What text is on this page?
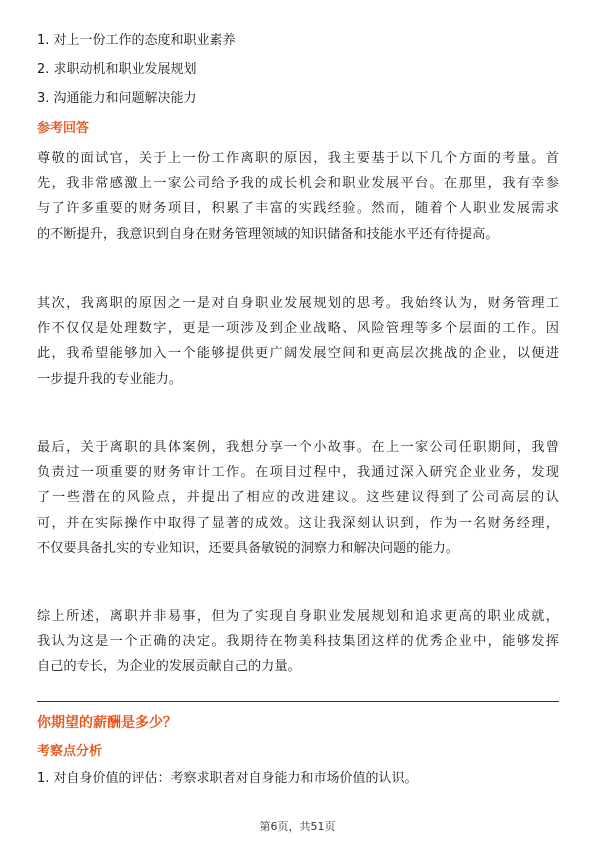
1. 对上一份工作的态度和职业素养
2. 求职动机和职业发展规划
3. 沟通能力和问题解决能力
参考回答
尊敬的面试官，关于上一份工作离职的原因，我主要基于以下几个方面的考量。首
先，我非常感激上一家公司给予我的成长机会和职业发展平台。在那里，我有幸参
与了许多重要的财务项目，积累了丰富的实践经验。然而，随着个人职业发展需求
的不断提升，我意识到自身在财务管理领域的知识储备和技能水平还有待提高。
其次，我离职的原因之一是对自身职业发展规划的思考。我始终认为，财务管理工
作不仅仅是处理数字，更是一项涉及到企业战略、风险管理等多个层面的工作。因
此，我希望能够加入一个能够提供更广阔发展空间和更高层次挑战的企业，以便进
一步提升我的专业能力。
最后，关于离职的具体案例，我想分享一个小故事。在上一家公司任职期间，我曾
负责过一项重要的财务审计工作。在项目过程中，我通过深入研究企业业务，发现
了一些潜在的风险点，并提出了相应的改进建议。这些建议得到了公司高层的认
可，并在实际操作中取得了显著的成效。这让我深刻认识到，作为一名财务经理，
不仅要具备扎实的专业知识，还要具备敏锐的洞察力和解决问题的能力。
综上所述，离职并非易事，但为了实现自身职业发展规划和追求更高的职业成就，
我认为这是一个正确的决定。我期待在物美科技集团这样的优秀企业中，能够发挥
自己的专长，为企业的发展贡献自己的力量。
你期望的薪酬是多少？
考察点分析
1. 对自身价值的评估：考察求职者对自身能力和市场价值的认识。
第6页，共51页
